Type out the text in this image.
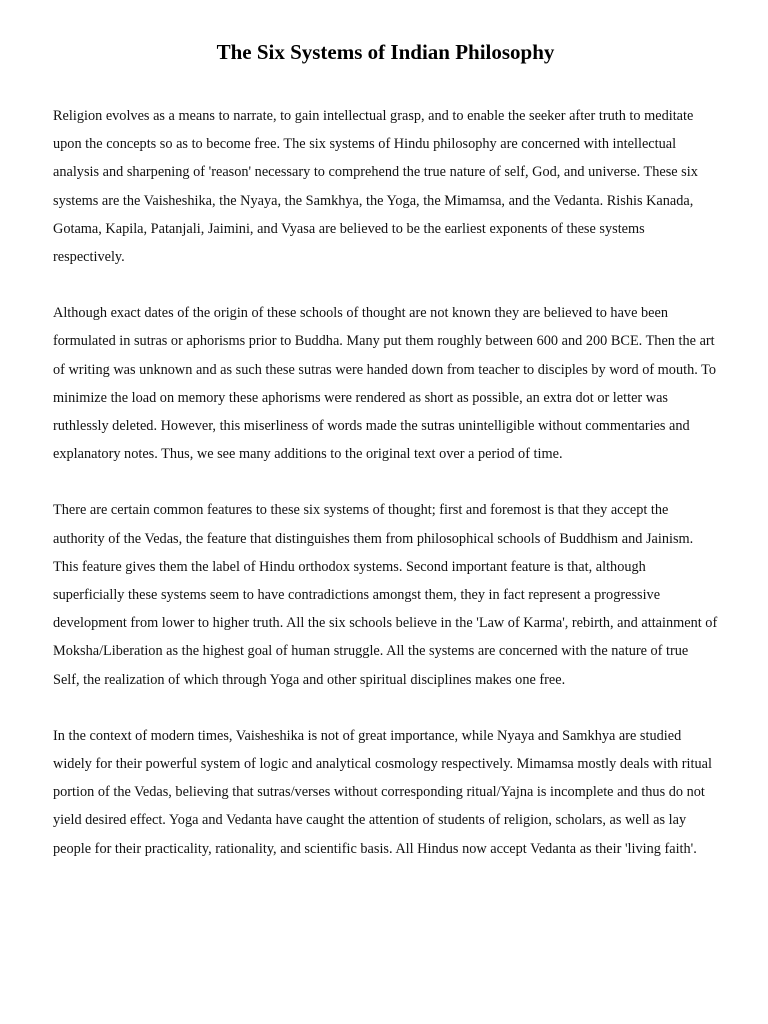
The Six Systems of Indian Philosophy

Religion evolves as a means to narrate, to gain intellectual grasp, and to enable the seeker after truth to meditate upon the concepts so as to become free. The six systems of Hindu philosophy are concerned with intellectual analysis and sharpening of 'reason' necessary to comprehend the true nature of self, God, and universe. These six systems are the Vaisheshika, the Nyaya, the Samkhya, the Yoga, the Mimamsa, and the Vedanta. Rishis Kanada, Gotama, Kapila, Patanjali, Jaimini, and Vyasa are believed to be the earliest exponents of these systems respectively.

Although exact dates of the origin of these schools of thought are not known they are believed to have been formulated in sutras or aphorisms prior to Buddha. Many put them roughly between 600 and 200 BCE. Then the art of writing was unknown and as such these sutras were handed down from teacher to disciples by word of mouth. To minimize the load on memory these aphorisms were rendered as short as possible, an extra dot or letter was ruthlessly deleted. However, this miserliness of words made the sutras unintelligible without commentaries and explanatory notes. Thus, we see many additions to the original text over a period of time.

There are certain common features to these six systems of thought; first and foremost is that they accept the authority of the Vedas, the feature that distinguishes them from philosophical schools of Buddhism and Jainism. This feature gives them the label of Hindu orthodox systems. Second important feature is that, although superficially these systems seem to have contradictions amongst them, they in fact represent a progressive development from lower to higher truth. All the six schools believe in the 'Law of Karma', rebirth, and attainment of Moksha/Liberation as the highest goal of human struggle. All the systems are concerned with the nature of true Self, the realization of which through Yoga and other spiritual disciplines makes one free.

In the context of modern times, Vaisheshika is not of great importance, while Nyaya and Samkhya are studied widely for their powerful system of logic and analytical cosmology respectively. Mimamsa mostly deals with ritual portion of the Vedas, believing that sutras/verses without corresponding ritual/Yajna is incomplete and thus do not yield desired effect. Yoga and Vedanta have caught the attention of students of religion, scholars, as well as lay people for their practicality, rationality, and scientific basis. All Hindus now accept Vedanta as their 'living faith'.
